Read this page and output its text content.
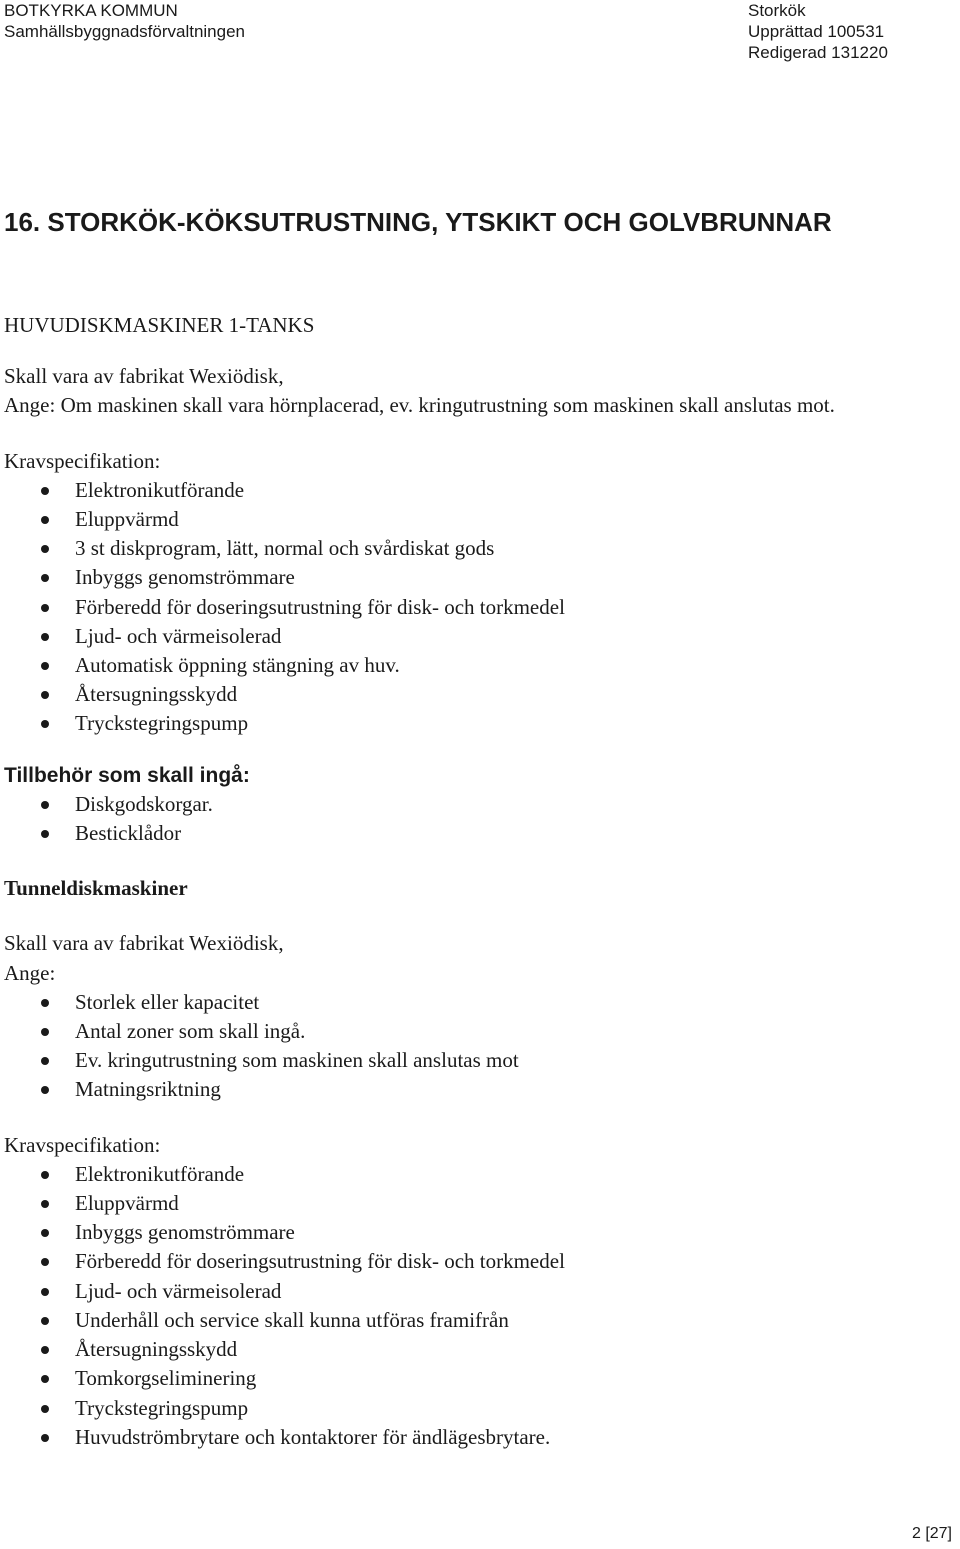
BOTKYRKA KOMMUN
Samhällsbyggnadsförvaltningen
Storkök
Upprättad 100531
Redigerad 131220
16. STORKÖK-KÖKSUTRUSTNING, YTSKIKT OCH GOLVBRUNNAR

HUVUDISKMASKINER 1-TANKS

Skall vara av fabrikat Wexiödisk,

Ange: Om maskinen skall vara hörnplacerad, ev. kringutrustning som maskinen skall anslutas mot.

Kravspecifikation:

Elektronikutförande
Eluppvärmd
3 st diskprogram, lätt, normal och svårdiskat gods
Inbyggs genomströmmare
Förberedd för doseringsutrustning för disk- och torkmedel
Ljud- och värmeisolerad
Automatisk öppning stängning av huv.
Återsugningsskydd
Tryckstegringspump

Tillbehör som skall ingå:

Diskgodskorgar.
Besticklådor

Tunneldiskmaskiner

Skall vara av fabrikat Wexiödisk,

Ange:

Storlek eller kapacitet
Antal zoner som skall ingå.
Ev. kringutrustning som maskinen skall anslutas mot
Matningsriktning

Kravspecifikation:

Elektronikutförande
Eluppvärmd
Inbyggs genomströmmare
Förberedd för doseringsutrustning för disk- och torkmedel
Ljud- och värmeisolerad
Underhåll och service skall kunna utföras framifrån
Återsugningsskydd
Tomkorgseliminering
Tryckstegringspump
Huvudströmbrytare och kontaktorer för ändlägesbrytare.
2 [27]
